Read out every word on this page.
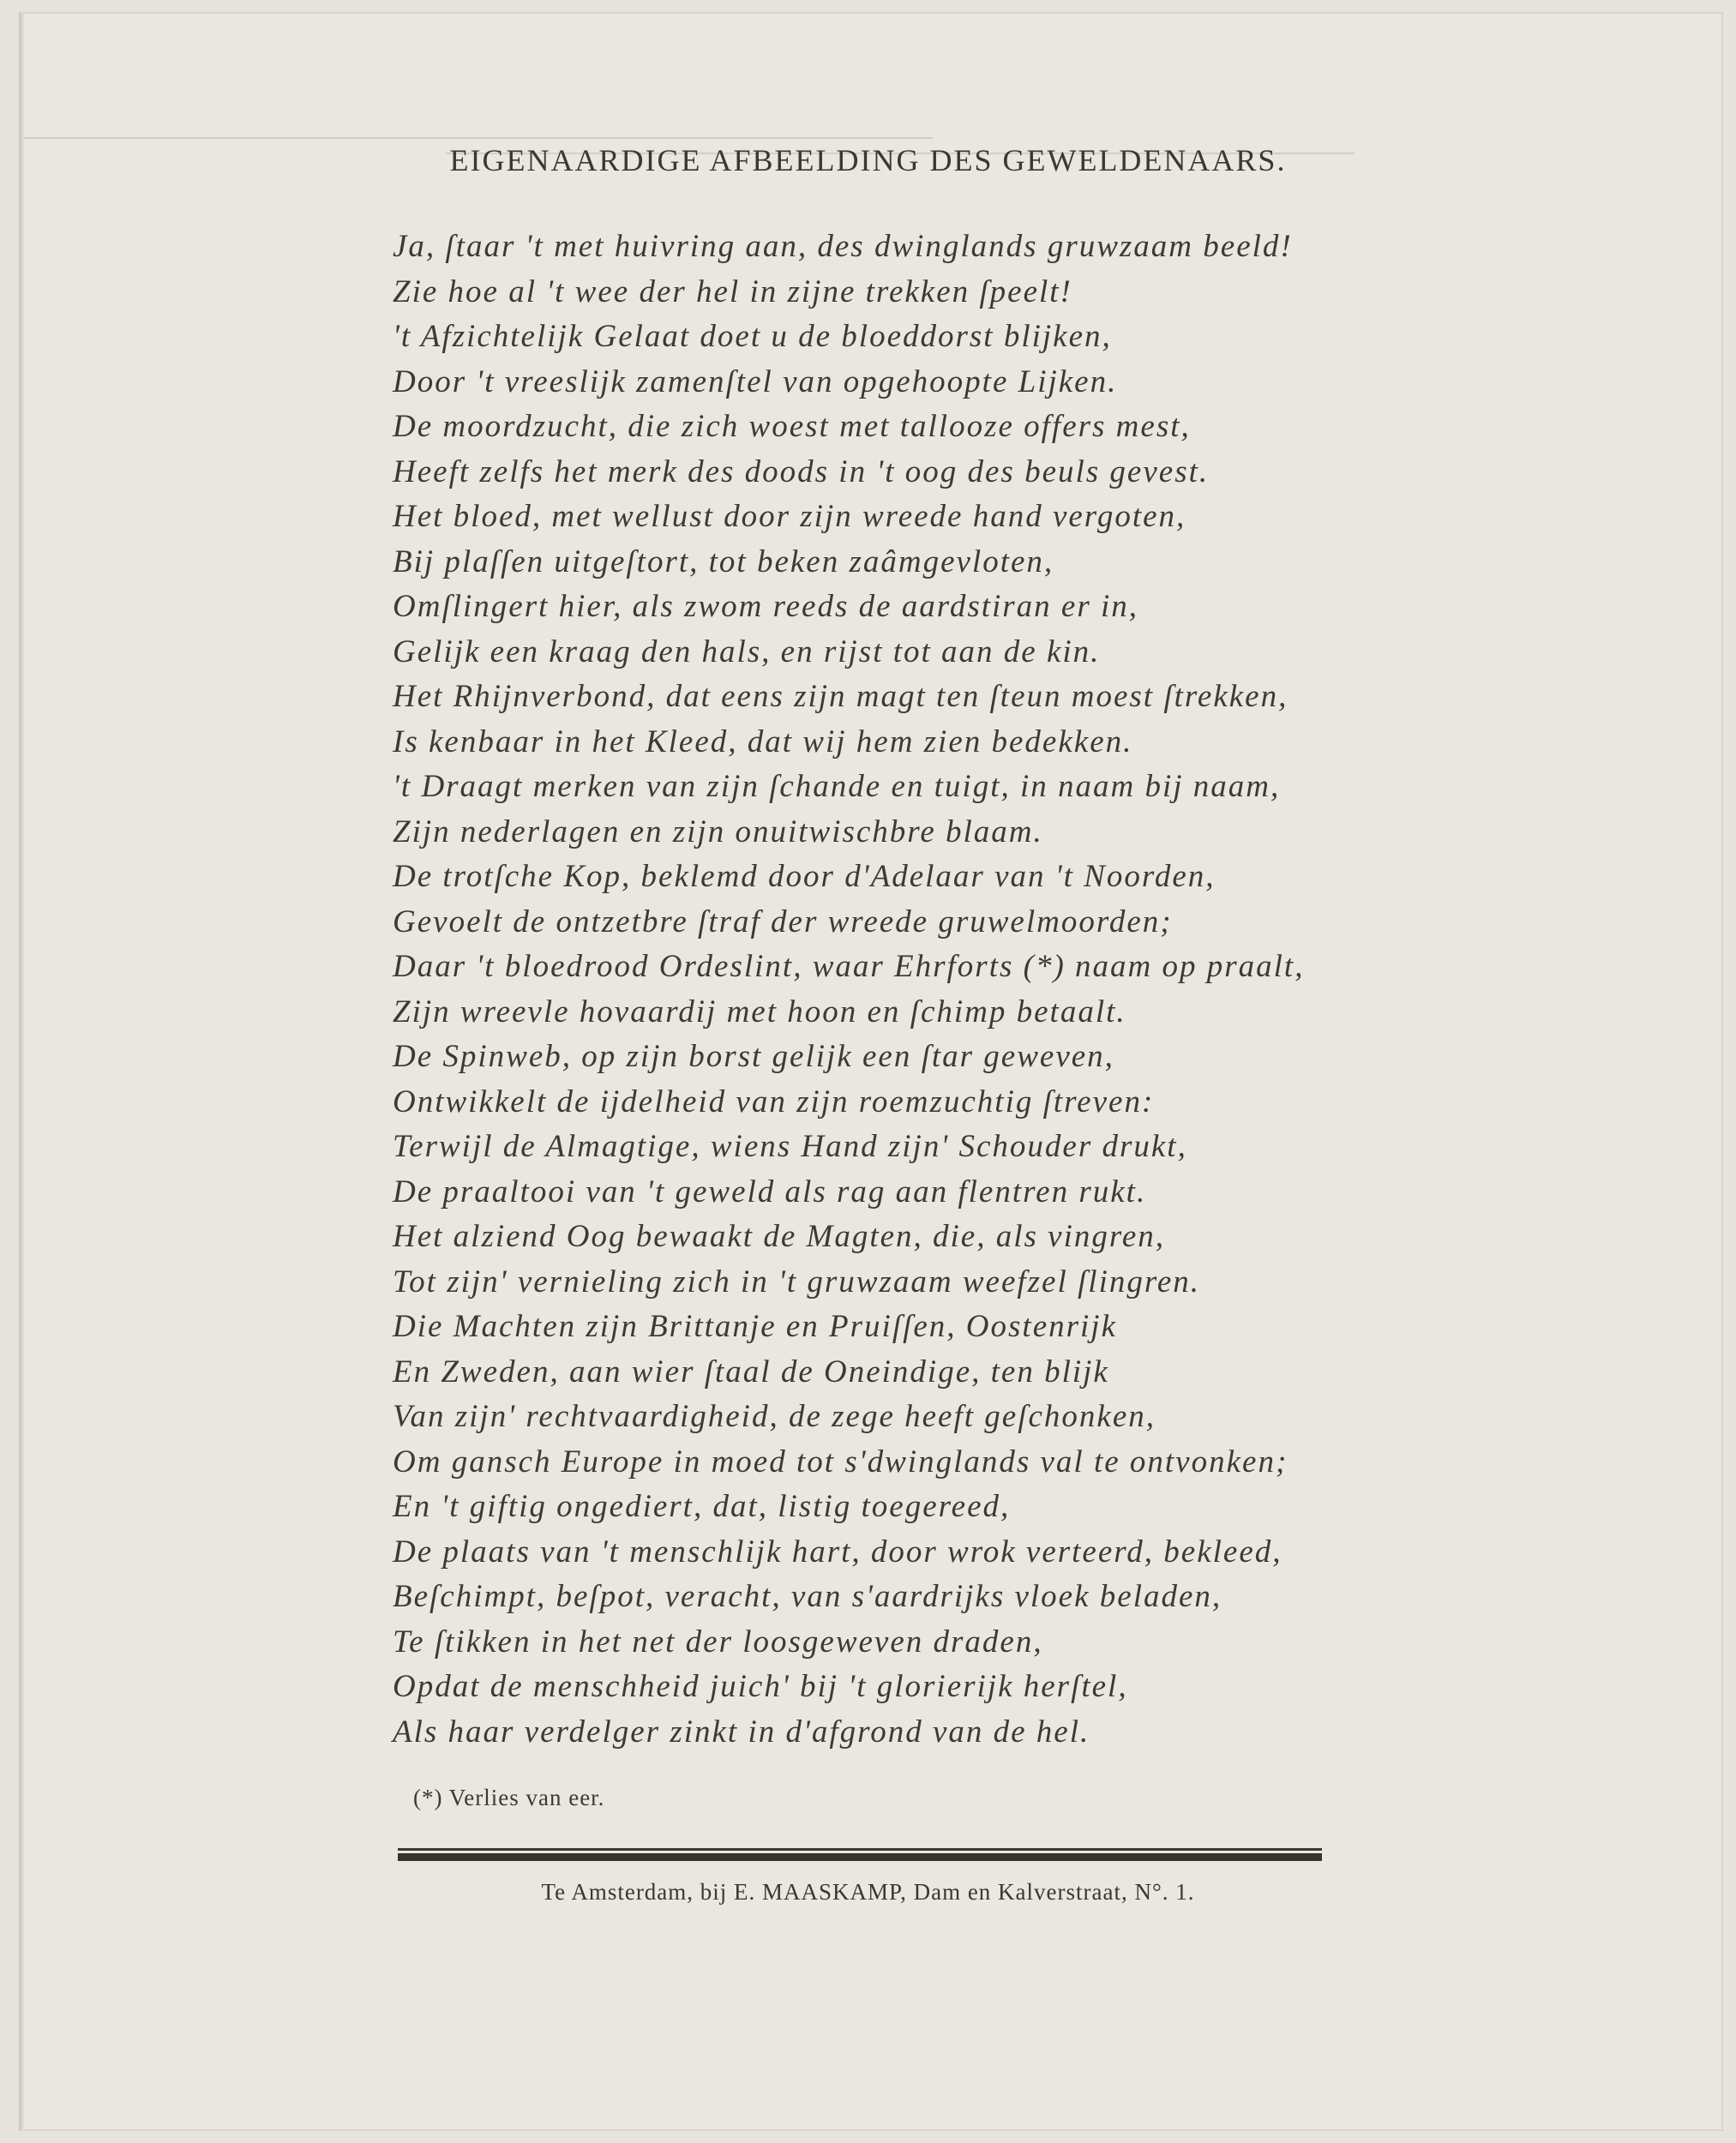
EIGENAARDIGE AFBEELDING DES GEWELDENAARS.
Ja, ſtaar 't met huivring aan, des dwinglands gruwzaam beeld!
Zie hoe al 't wee der hel in zijne trekken ſpeelt!
't Afzichtelijk Gelaat doet u de bloeddorst blijken,
Door 't vreeslijk zamenſtel van opgehoopte Lijken.
De moordzucht, die zich woest met tallooze offers mest,
Heeft zelfs het merk des doods in 't oog des beuls gevest.
Het bloed, met wellust door zijn wreede hand vergoten,
Bij plaſſen uitgeſtort, tot beken zaâmgevloten,
Omſlingert hier, als zwom reeds de aardstiran er in,
Gelijk een kraag den hals, en rijst tot aan de kin.
Het Rhijnverbond, dat eens zijn magt ten ſteun moest ſtrekken,
Is kenbaar in het Kleed, dat wij hem zien bedekken.
't Draagt merken van zijn ſchande en tuigt, in naam bij naam,
Zijn nederlagen en zijn onuitwischbre blaam.
De trotſche Kop, beklemd door d'Adelaar van 't Noorden,
Gevoelt de ontzetbre ſtraf der wreede gruwelmoorden;
Daar 't bloedrood Ordeslint, waar Ehrforts (*) naam op praalt,
Zijn wreevle hovaardij met hoon en ſchimp betaalt.
De Spinweb, op zijn borst gelijk een ſtar geweven,
Ontwikkelt de ijdelheid van zijn roemzuchtig ſtreven:
Terwijl de Almagtige, wiens Hand zijn' Schouder drukt,
De praaltooi van 't geweld als rag aan flentren rukt.
Het alziend Oog bewaakt de Magten, die, als vingren,
Tot zijn' vernieling zich in 't gruwzaam weefzel ſlingren.
Die Machten zijn Brittanje en Pruiſſen, Oostenrijk
En Zweden, aan wier ſtaal de Oneindige, ten blijk
Van zijn' rechtvaardigheid, de zege heeft geſchonken,
Om gansch Europe in moed tot s'dwinglands val te ontvonken;
En 't giftig ongediert, dat, listig toegereed,
De plaats van 't menschlijk hart, door wrok verteerd, bekleed,
Beſchimpt, beſpot, veracht, van s'aardrijks vloek beladen,
Te ſtikken in het net der loosgeweven draden,
Opdat de menschheid juich' bij 't glorierijk herſtel,
Als haar verdelger zinkt in d'afgrond van de hel.
(*) Verlies van eer.
Te Amsterdam, bij E. MAASKAMP, Dam en Kalverstraat, N°. 1.
